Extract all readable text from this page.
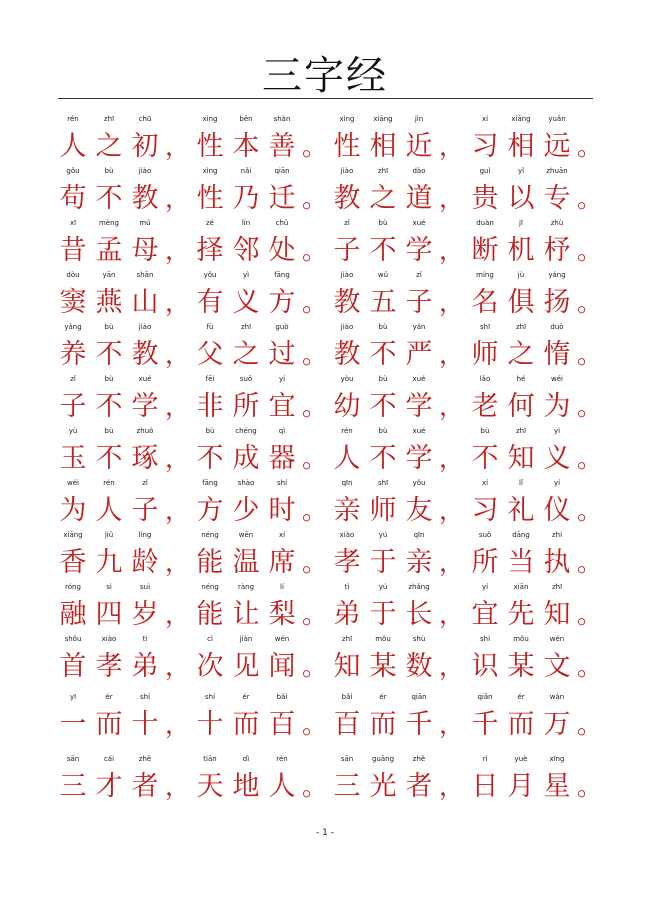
三字经
rén
人
zhī
之
chū
初 ，
xìng
性
běn
本
shàn
善 。
xìng
性
xiāng
相
jìn
近 ，
xí
习
xiāng
相
yuǎn
远 。
gǒu
苟
bù
不
jiào
教 ，
xìng
性
nǎi
乃
qiān
迁 。
jiào
教
zhī
之
dào
道 ，
guì
贵
yǐ
以
zhuān
专 。
xī
昔
mèng
孟
mǔ
母 ，
zé
择
lín
邻
chǔ
处 。
zǐ
子
bù
不
xué
学 ，
duàn
断
jī
机
zhù
杼 。
dòu
窦
yān
燕
shān
山 ，
yǒu
有
yì
义
fāng
方 。
jiào
教
wǔ
五
zǐ
子 ，
míng
名
jù
俱
yáng
扬 。
yǎng
养
bù
不
jiào
教 ，
fù
父
zhī
之
guò
过 。
jiào
教
bù
不
yán
严 ，
shī
师
zhī
之
duò
惰 。
zǐ
子
bù
不
xué
学 ，
fēi
非
suǒ
所
yí
宜 。
yòu
幼
bù
不
xué
学 ，
lǎo
老
hé
何
wéi
为 。
yù
玉
bù
不
zhuó
琢 ，
bù
不
chéng
成
qì
器 。
rén
人
bù
不
xué
学 ，
bù
不
zhī
知
yì
义 。
wéi
为
rén
人
zǐ
子 ，
fāng
方
shào
少
shí
时 。
qīn
亲
shī
师
yǒu
友 ，
xí
习
lǐ
礼
yí
仪 。
xiāng
香
jiǔ
九
líng
龄 ，
néng
能
wēn
温
xí
席 。
xiào
孝
yú
于
qīn
亲 ，
suǒ
所
dāng
当
zhí
执 。
róng
融
sì
四
suì
岁 ，
néng
能
ràng
让
lí
梨 。
tì
弟
yú
于
zhǎng
长 ，
yí
宜
xiān
先
zhī
知 。
shǒu
首
xiào
孝
tì
弟 ，
cì
次
jiàn
见
wén
闻 。
zhī
知
mǒu
某
shù
数 ，
shí
识
mǒu
某
wén
文 。
yī
一
ér
而
shí
十 ，
shí
十
ér
而
bǎi
百 。
bǎi
百
ér
而
qiān
千 ，
qiān
千
ér
而
wàn
万 。
sān
三
cái
才
zhě
者 ，
tiān
天
dì
地
rén
人 。
sān
三
guāng
光
zhě
者 ，
rì
日
yuè
月
xīng
星 。
- 1 -
